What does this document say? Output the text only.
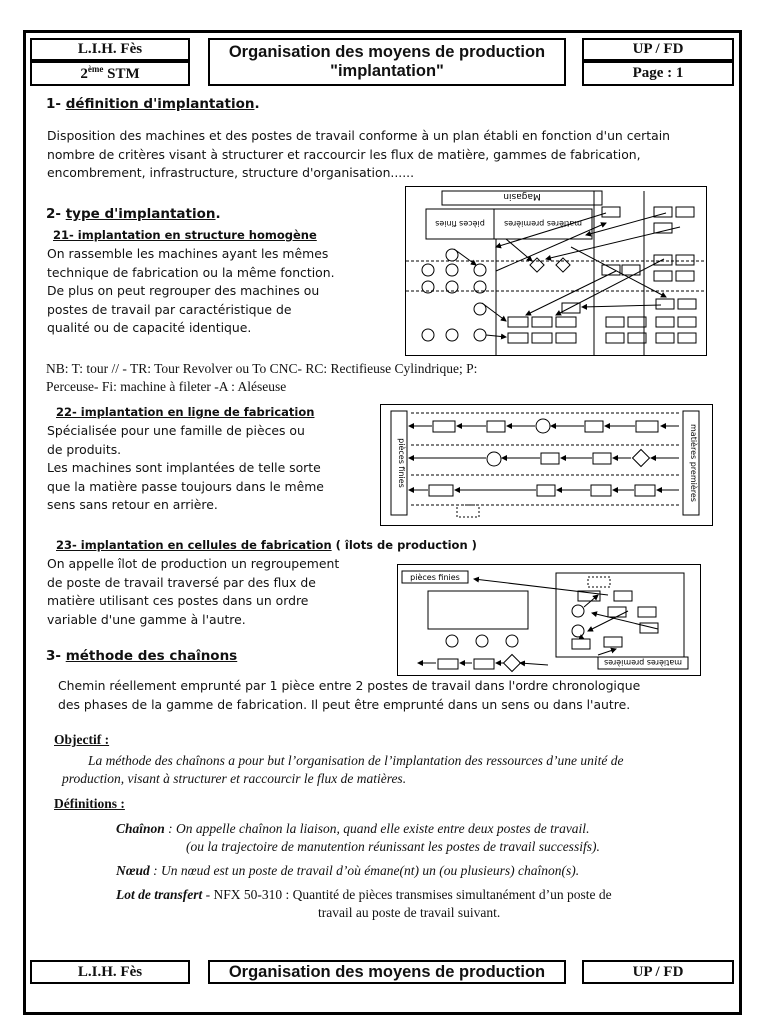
L.I.H. Fès
2ème STM
Organisation des moyens de production
"implantation"
UP / FD
Page : 1
1- définition d'implantation.
Disposition des machines et des postes de travail conforme à un plan établi en fonction d'un certain
nombre de critères visant à structurer et raccourcir les flux de matière, gammes de fabrication,
encombrement, infrastructure, structure d'organisation......
2- type d'implantation.
21- implantation en structure homogène
On rassemble les machines ayant les mêmes
technique de fabrication ou la même fonction.
De plus on peut regrouper des machines ou
postes de travail par caractéristique de
qualité ou de capacité identique.
Magasin
pièces finies matières premières
NB: T: tour // - TR: Tour Revolver ou To CNC- RC: Rectifieuse Cylindrique; P:
Perceuse- Fi: machine à fileter -A : Aléseuse
22- implantation en ligne de fabrication
Spécialisée pour une famille de pièces ou
de produits.
Les machines sont implantées de telle sorte
que la matière passe toujours dans le même
sens sans retour en arrière.
pièces finies	matières premières
23- implantation en cellules de fabrication ( îlots de production )
On appelle îlot de production un regroupement
de poste de travail traversé par des flux de
matière utilisant ces postes dans un ordre
variable d'une gamme à l'autre.
pièces finies
matières premières
3- méthode des chaînons
Chemin réellement emprunté par 1 pièce entre 2 postes de travail dans l'ordre chronologique
des phases de la gamme de fabrication. Il peut être emprunté dans un sens ou dans l'autre.
Objectif :
La méthode des chaînons a pour but l’organisation de l’implantation des ressources d’une unité de
production, visant à structurer et raccourcir le flux de matières.
Définitions :
Chaînon : On appelle chaînon la liaison, quand elle existe entre deux postes de travail.
(ou la trajectoire de manutention réunissant les postes de travail successifs).
Nœud : Un nœud est un poste de travail d’où émane(nt) un (ou plusieurs) chaînon(s).
Lot de transfert - NFX 50-310 : Quantité de pièces transmises simultanément d’un poste de
travail au poste de travail suivant.
L.I.H. Fès	Organisation des moyens de production	UP / FD
